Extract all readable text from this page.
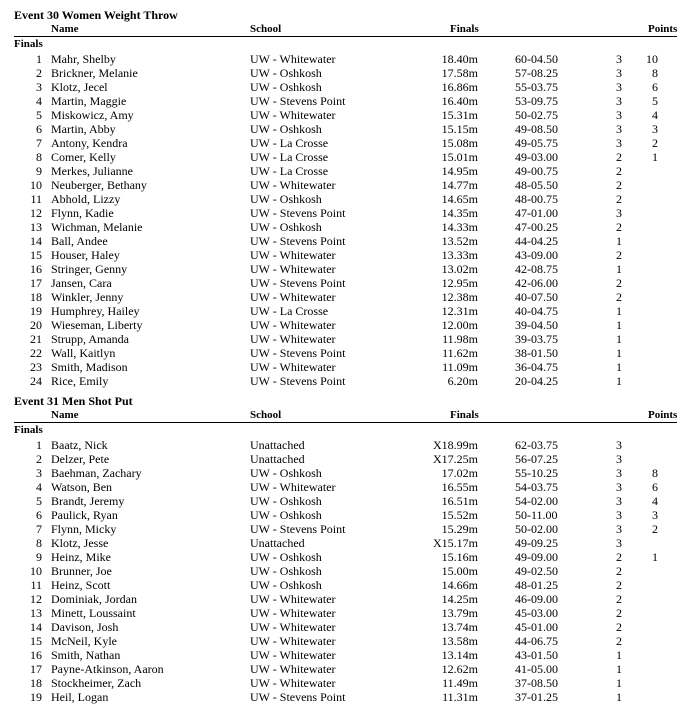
Event 30 Women Weight Throw
Name	School	Finals	Points
Finals
1 Mahr, Shelby	UW - Whitewater	18.40m	60-04.50	3	10
2 Brickner, Melanie	UW - Oshkosh	17.58m	57-08.25	3	8
3 Klotz, Jecel	UW - Oshkosh	16.86m	55-03.75	3	6
4 Martin, Maggie	UW - Stevens Point	16.40m	53-09.75	3	5
5 Miskowicz, Amy	UW - Whitewater	15.31m	50-02.75	3	4
6 Martin, Abby	UW - Oshkosh	15.15m	49-08.50	3	3
7 Antony, Kendra	UW - La Crosse	15.08m	49-05.75	3	2
8 Comer, Kelly	UW - La Crosse	15.01m	49-03.00	2	1
9 Merkes, Julianne	UW - La Crosse	14.95m	49-00.75	2
10 Neuberger, Bethany	UW - Whitewater	14.77m	48-05.50	2
11 Abhold, Lizzy	UW - Oshkosh	14.65m	48-00.75	2
12 Flynn, Kadie	UW - Stevens Point	14.35m	47-01.00	3
13 Wichman, Melanie	UW - Oshkosh	14.33m	47-00.25	2
14 Ball, Andee	UW - Stevens Point	13.52m	44-04.25	1
15 Houser, Haley	UW - Whitewater	13.33m	43-09.00	2
16 Stringer, Genny	UW - Whitewater	13.02m	42-08.75	1
17 Jansen, Cara	UW - Stevens Point	12.95m	42-06.00	2
18 Winkler, Jenny	UW - Whitewater	12.38m	40-07.50	2
19 Humphrey, Hailey	UW - La Crosse	12.31m	40-04.75	1
20 Wieseman, Liberty	UW - Whitewater	12.00m	39-04.50	1
21 Strupp, Amanda	UW - Whitewater	11.98m	39-03.75	1
22 Wall, Kaitlyn	UW - Stevens Point	11.62m	38-01.50	1
23 Smith, Madison	UW - Whitewater	11.09m	36-04.75	1
24 Rice, Emily	UW - Stevens Point	6.20m	20-04.25	1
Event 31 Men Shot Put
Name	School	Finals	Points
Finals
1 Baatz, Nick	Unattached	X18.99m	62-03.75	3
2 Delzer, Pete	Unattached	X17.25m	56-07.25	3
3 Baehman, Zachary	UW - Oshkosh	17.02m	55-10.25	3	8
4 Watson, Ben	UW - Whitewater	16.55m	54-03.75	3	6
5 Brandt, Jeremy	UW - Oshkosh	16.51m	54-02.00	3	4
6 Paulick, Ryan	UW - Oshkosh	15.52m	50-11.00	3	3
7 Flynn, Micky	UW - Stevens Point	15.29m	50-02.00	3	2
8 Klotz, Jesse	Unattached	X15.17m	49-09.25	3
9 Heinz, Mike	UW - Oshkosh	15.16m	49-09.00	2	1
10 Brunner, Joe	UW - Oshkosh	15.00m	49-02.50	2
11 Heinz, Scott	UW - Oshkosh	14.66m	48-01.25	2
12 Dominiak, Jordan	UW - Whitewater	14.25m	46-09.00	2
13 Minett, Loussaint	UW - Whitewater	13.79m	45-03.00	2
14 Davison, Josh	UW - Whitewater	13.74m	45-01.00	2
15 McNeil, Kyle	UW - Whitewater	13.58m	44-06.75	2
16 Smith, Nathan	UW - Whitewater	13.14m	43-01.50	1
17 Payne-Atkinson, Aaron	UW - Whitewater	12.62m	41-05.00	1
18 Stockheimer, Zach	UW - Whitewater	11.49m	37-08.50	1
19 Heil, Logan	UW - Stevens Point	11.31m	37-01.25	1
